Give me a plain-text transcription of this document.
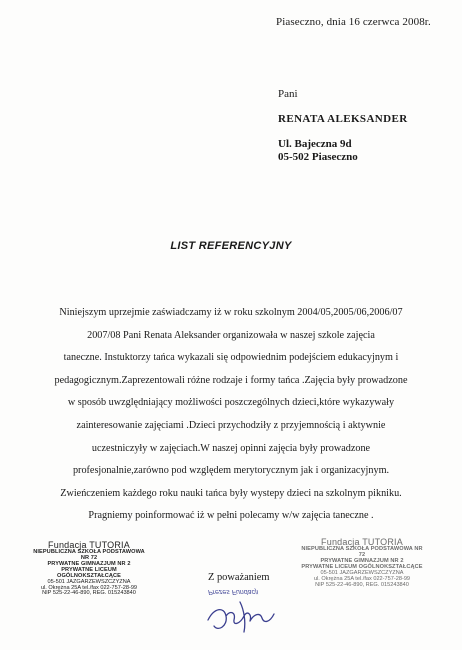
Piaseczno, dnia 16 czerwca 2008r.
Pani
RENATA ALEKSANDER
Ul. Bajeczna 9d
05-502 Piaseczno
LIST REFERENCYJNY
Niniejszym uprzejmie zaświadczamy iż w roku szkolnym 2004/05,2005/06,2006/07
2007/08 Pani Renata Aleksander organizowała w naszej szkole zajęcia
taneczne. Instuktorzy tańca wykazali się odpowiednim podejściem edukacyjnym i
pedagogicznym.Zaprezentowali różne rodzaje i formy tańca .Zajęcia były prowadzone
w sposób uwzględniający możliwości poszczególnych dzieci,które wykazywały
zainteresowanie zajęciami .Dzieci przychodziły z przyjemnością i aktywnie
uczestniczyły w zajęciach.W naszej opinni zajęcia były prowadzone
profesjonalnie,zarówno pod względem merytorycznym jak i organizacyjnym.
Zwieńczeniem każdego roku nauki tańca były wystepy dzieci na szkolnym pikniku.
Pragniemy poinformować iż w pełni polecamy w/w zajęcia taneczne .
Fundacja TUTORIA
NIEPUBLICZNA SZKOŁA PODSTAWOWA NR 72
PRYWATNE GIMNAZJUM NR 2
PRYWATNE LICEUM OGÓLNOKSZTAŁCĄCE
05-501 JAZGARZEWSZCZYZNA
ul. Okrężna 25A tel./fax 022-757-28-99
NIP 525-22-46-890, REG. 015243840
Z poważaniem
Fundacja TUTORIA
NIEPUBLICZNA SZKOŁA PODSTAWOWA NR 72
PRYWATNE GIMNAZJUM NR 2
PRYWATNE LICEUM OGÓLNOKSZTAŁCĄCE
05-501 JAZGARZEWSZCZYZNA
ul. Okrężna 25A tel./fax 022-757-28-99
NIP 525-22-46-890, REG. 015243840
Prezes Fundacji
